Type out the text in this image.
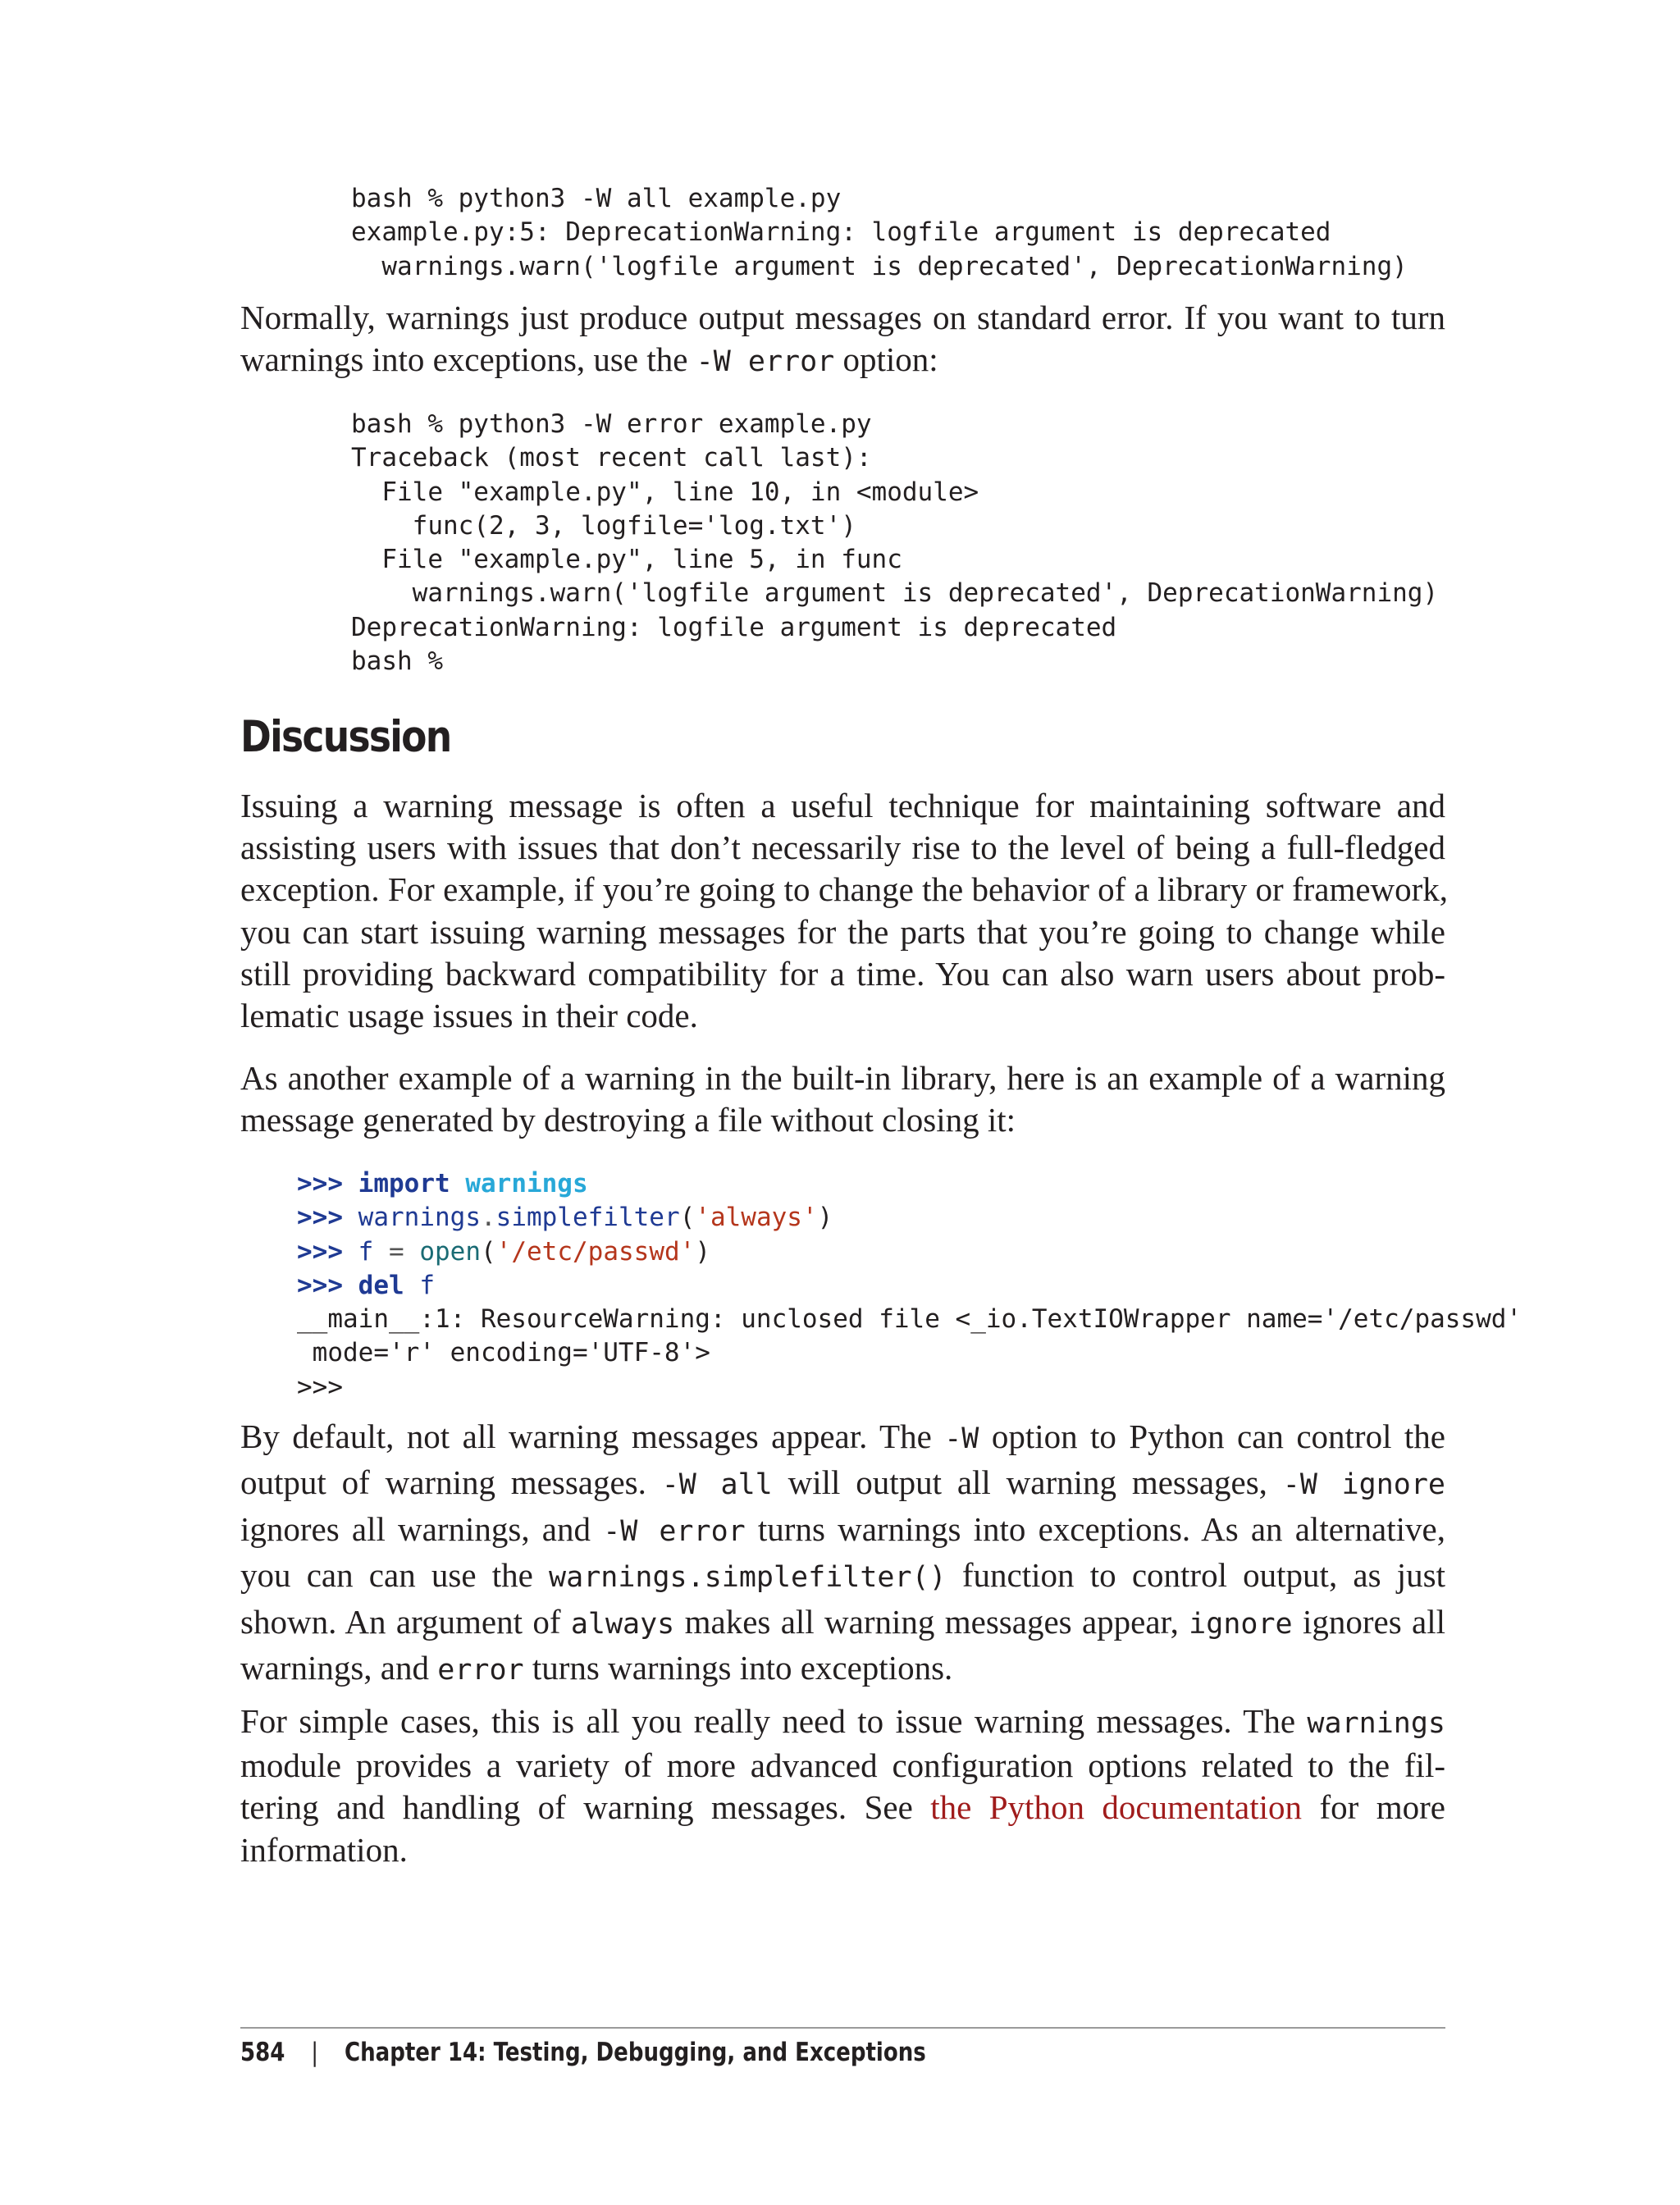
bash % python3 -W all example.py
example.py:5: DeprecationWarning: logfile argument is deprecated
warnings.warn('logfile argument is deprecated', DeprecationWarning)
Normally, warnings just produce output messages on standard error. If you want to turn
warnings into exceptions, use the -W error option:
bash % python3 -W error example.py
Traceback (most recent call last):
File "example.py", line 10, in <module>
func(2, 3, logfile='log.txt')
File "example.py", line 5, in func
warnings.warn('logfile argument is deprecated', DeprecationWarning)
DeprecationWarning: logfile argument is deprecated
bash %
Discussion
Issuing a warning message is often a useful technique for maintaining software and
assisting users with issues that don’t necessarily rise to the level of being a full-fledged
exception. For example, if you’re going to change the behavior of a library or framework,
you can start issuing warning messages for the parts that you’re going to change while
still providing backward compatibility for a time. You can also warn users about prob-
lematic usage issues in their code.
As another example of a warning in the built-in library, here is an example of a warning
message generated by destroying a file without closing it:
>>> import warnings
>>> warnings.simplefilter('always')
>>> f = open('/etc/passwd')
>>> del f
__main__:1: ResourceWarning: unclosed file <_io.TextIOWrapper name='/etc/passwd'
mode='r' encoding='UTF-8'>
>>>
By default, not all warning messages appear. The -W option to Python can control the
output of warning messages. -W all will output all warning messages, -W ignore
ignores all warnings, and -W error turns warnings into exceptions. As an alternative,
you can can use the warnings.simplefilter() function to control output, as just
shown. An argument of always makes all warning messages appear, ignore ignores all
warnings, and error turns warnings into exceptions.
For simple cases, this is all you really need to issue warning messages. The warnings
module provides a variety of more advanced configuration options related to the fil-
tering and handling of warning messages. See the Python documentation for more
information.
584 | Chapter 14: Testing, Debugging, and Exceptions
